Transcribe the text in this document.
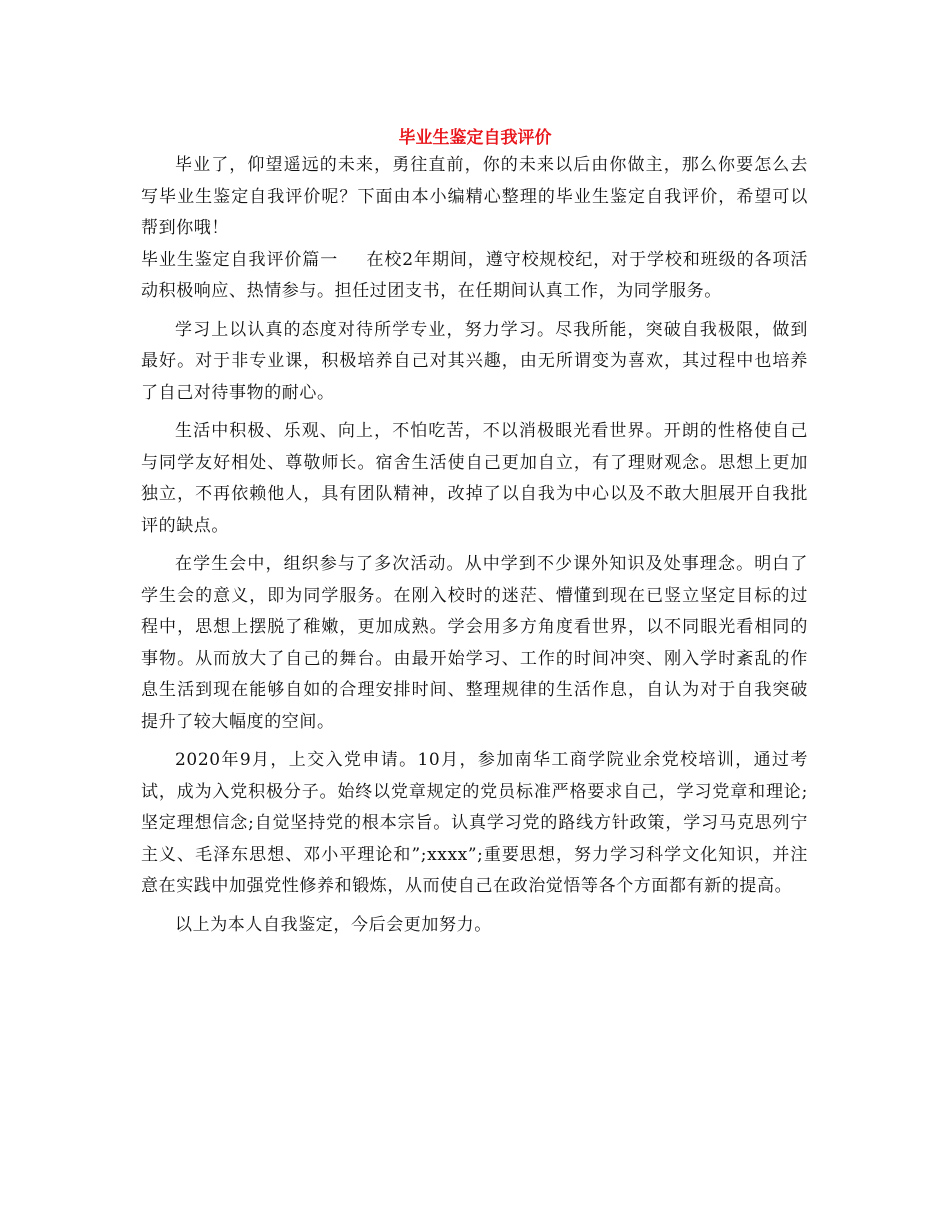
毕业生鉴定自我评价

毕业了，仰望遥远的未来，勇往直前，你的未来以后由你做主，那么你要怎么去写毕业生鉴定自我评价呢？下面由本小编精心整理的毕业生鉴定自我评价，希望可以帮到你哦！

毕业生鉴定自我评价篇一 在校2年期间，遵守校规校纪，对于学校和班级的各项活动积极响应、热情参与。担任过团支书，在任期间认真工作，为同学服务。

学习上以认真的态度对待所学专业，努力学习。尽我所能，突破自我极限，做到最好。对于非专业课，积极培养自己对其兴趣，由无所谓变为喜欢，其过程中也培养了自己对待事物的耐心。

生活中积极、乐观、向上，不怕吃苦，不以消极眼光看世界。开朗的性格使自己与同学友好相处、尊敬师长。宿舍生活使自己更加自立，有了理财观念。思想上更加独立，不再依赖他人，具有团队精神，改掉了以自我为中心以及不敢大胆展开自我批评的缺点。

在学生会中，组织参与了多次活动。从中学到不少课外知识及处事理念。明白了学生会的意义，即为同学服务。在刚入校时的迷茫、懵懂到现在已竖立坚定目标的过程中，思想上摆脱了稚嫩，更加成熟。学会用多方角度看世界，以不同眼光看相同的事物。从而放大了自己的舞台。由最开始学习、工作的时间冲突、刚入学时紊乱的作息生活到现在能够自如的合理安排时间、整理规律的生活作息，自认为对于自我突破提升了较大幅度的空间。

2020年9月，上交入党申请。10月，参加南华工商学院业余党校培训，通过考试，成为入党积极分子。始终以党章规定的党员标准严格要求自己，学习党章和理论;坚定理想信念;自觉坚持党的根本宗旨。认真学习党的路线方针政策，学习马克思列宁主义、毛泽东思想、邓小平理论和”;xxxx”;重要思想，努力学习科学文化知识，并注意在实践中加强党性修养和锻炼，从而使自己在政治觉悟等各个方面都有新的提高。

以上为本人自我鉴定，今后会更加努力。
